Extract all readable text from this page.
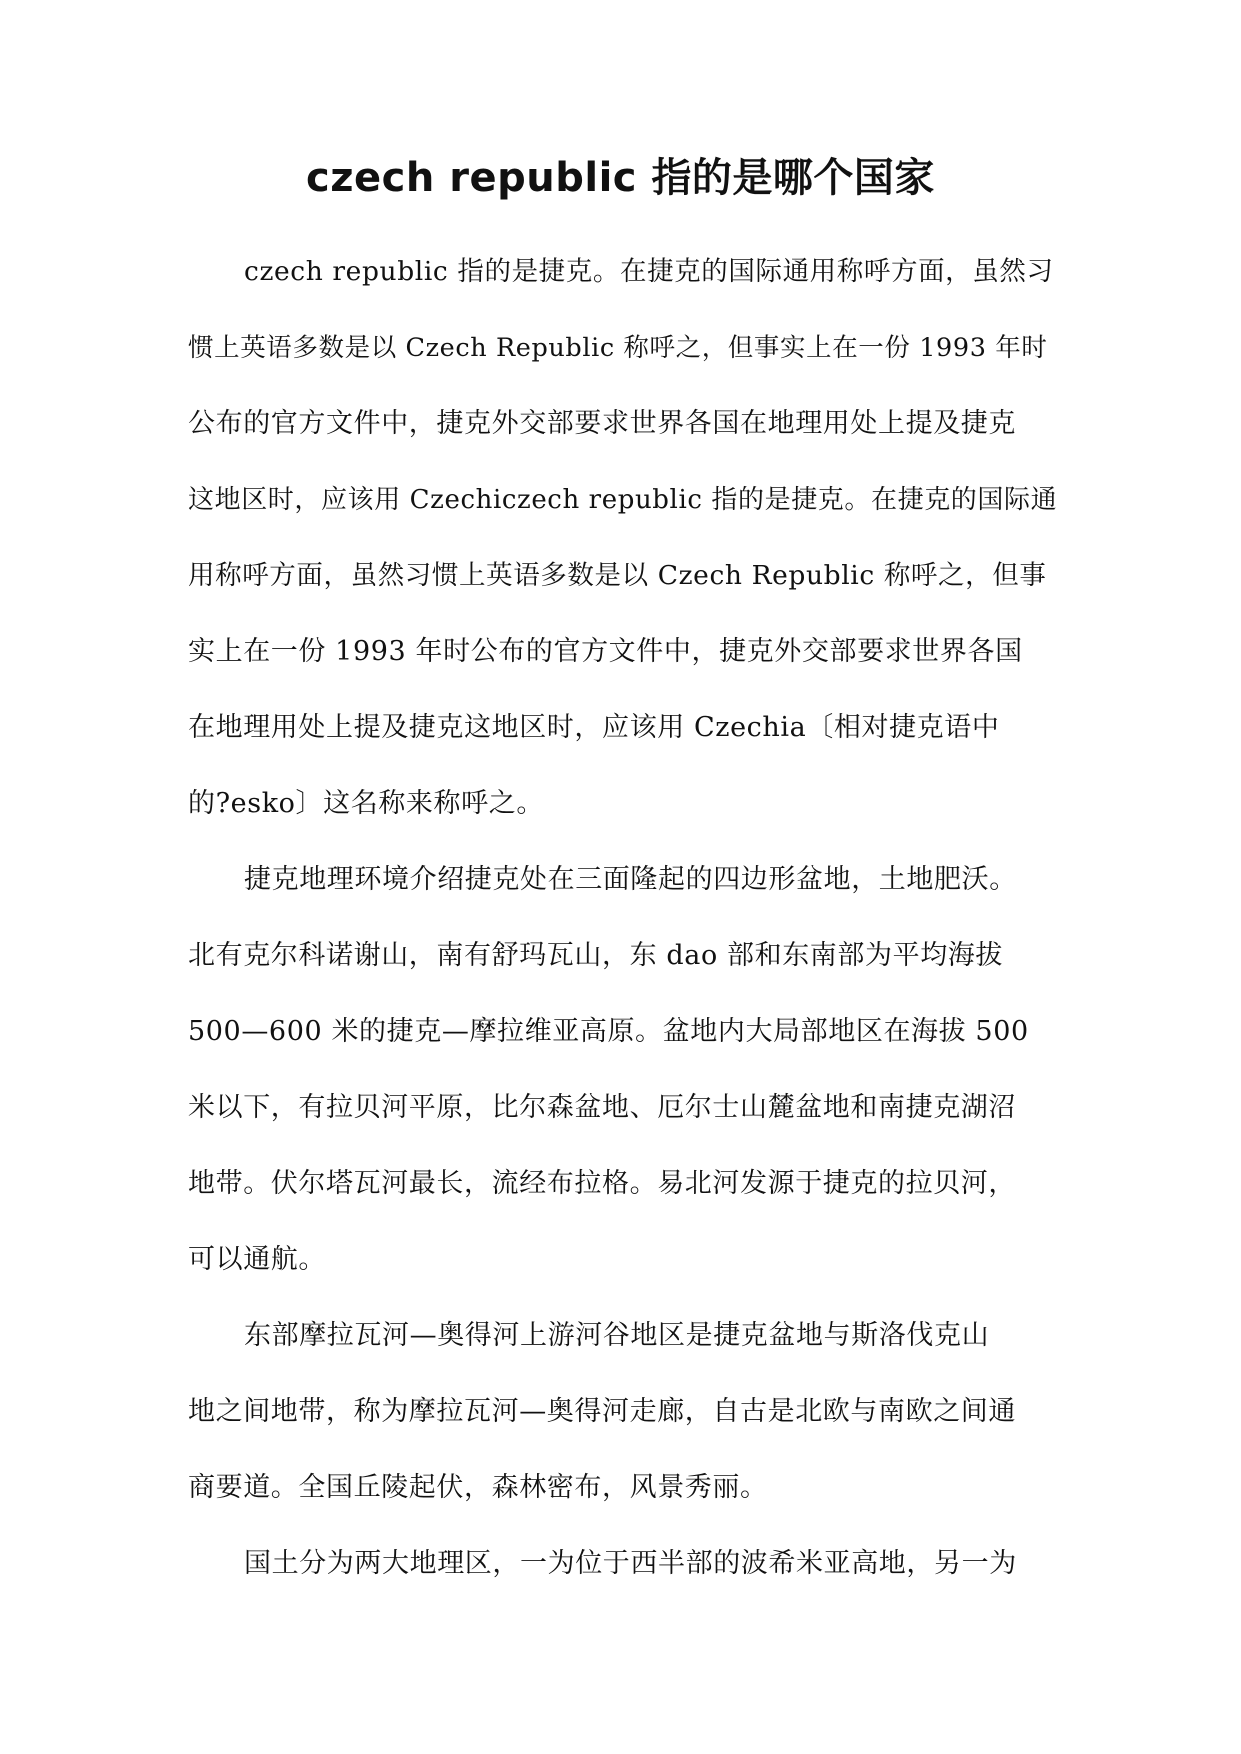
czech republic 指的是哪个国家
czech republic 指的是捷克。在捷克的国际通用称呼方面，虽然习
惯上英语多数是以 Czech Republic 称呼之，但事实上在一份 1993 年时
公布的官方文件中，捷克外交部要求世界各国在地理用处上提及捷克
这地区时，应该用 Czechiczech republic 指的是捷克。在捷克的国际通
用称呼方面，虽然习惯上英语多数是以 Czech Republic 称呼之，但事
实上在一份 1993 年时公布的官方文件中，捷克外交部要求世界各国
在地理用处上提及捷克这地区时，应该用 Czechia〔相对捷克语中
的?esko〕这名称来称呼之。
捷克地理环境介绍捷克处在三面隆起的四边形盆地，土地肥沃。
北有克尔科诺谢山，南有舒玛瓦山，东 dao 部和东南部为平均海拔
500—600 米的捷克—摩拉维亚高原。盆地内大局部地区在海拔 500
米以下，有拉贝河平原，比尔森盆地、厄尔士山麓盆地和南捷克湖沼
地带。伏尔塔瓦河最长，流经布拉格。易北河发源于捷克的拉贝河，
可以通航。
东部摩拉瓦河—奥得河上游河谷地区是捷克盆地与斯洛伐克山
地之间地带，称为摩拉瓦河—奥得河走廊，自古是北欧与南欧之间通
商要道。全国丘陵起伏，森林密布，风景秀丽。
国土分为两大地理区，一为位于西半部的波希米亚高地，另一为
